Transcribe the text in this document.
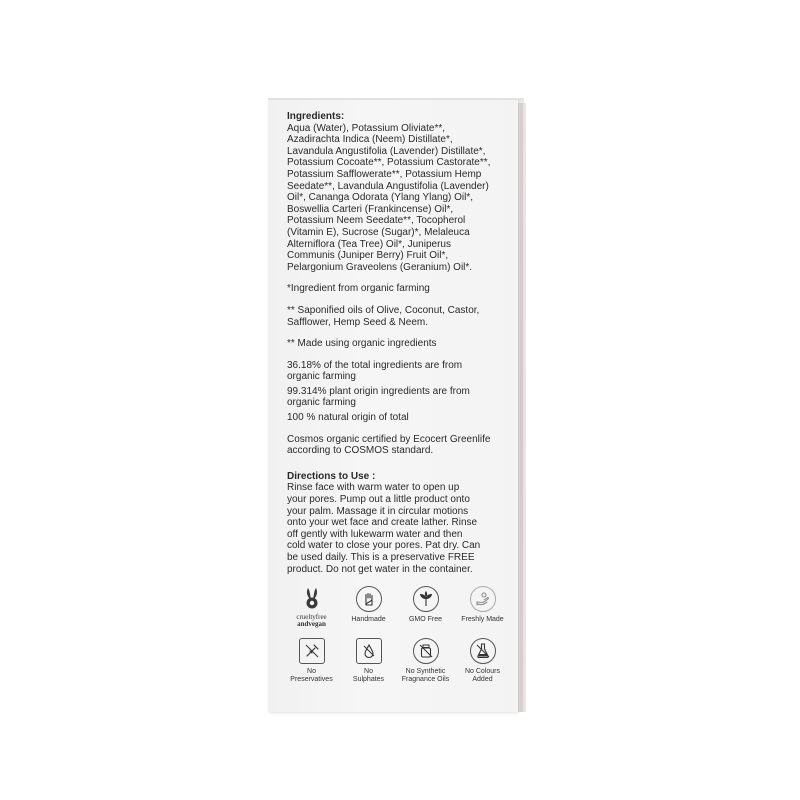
Ingredients:
Aqua (Water), Potassium Oliviate**,
Azadirachta Indica (Neem) Distillate*,
Lavandula Angustifolia (Lavender) Distillate*,
Potassium Cocoate**, Potassium Castorate**,
Potassium Safflowerate**, Potassium Hemp
Seedate**, Lavandula Angustifolia (Lavender)
Oil*, Cananga Odorata (Ylang Ylang) Oil*,
Boswellia Carteri (Frankincense) Oil*,
Potassium Neem Seedate**, Tocopherol
(Vitamin E), Sucrose (Sugar)*, Melaleuca
Alterniflora (Tea Tree) Oil*, Juniperus
Communis (Juniper Berry) Fruit Oil*,
Pelargonium Graveolens (Geranium) Oil*.
*Ingredient from organic farming
** Saponified oils of Olive, Coconut, Castor,
Safflower, Hemp Seed & Neem.
** Made using organic ingredients
36.18% of the total ingredients are from
organic farming
99.314% plant origin ingredients are from
organic farming
100 % natural origin of total
Cosmos organic certified by Ecocert Greenlife
according to COSMOS standard.
Directions to Use :
Rinse face with warm water to open up
your pores. Pump out a little product onto
your palm. Massage it in circular motions
onto your wet face and create lather. Rinse
off gently with lukewarm water and then
cold water to close your pores. Pat dry. Can
be used daily. This is a preservative FREE
product. Do not get water in the container.
crueltyfree
andvegan
Handmade	GMO Free	Freshly Made
No
Preservatives
No
Sulphates
No Synthetic
Fragnance Oils
No Colours
Added
